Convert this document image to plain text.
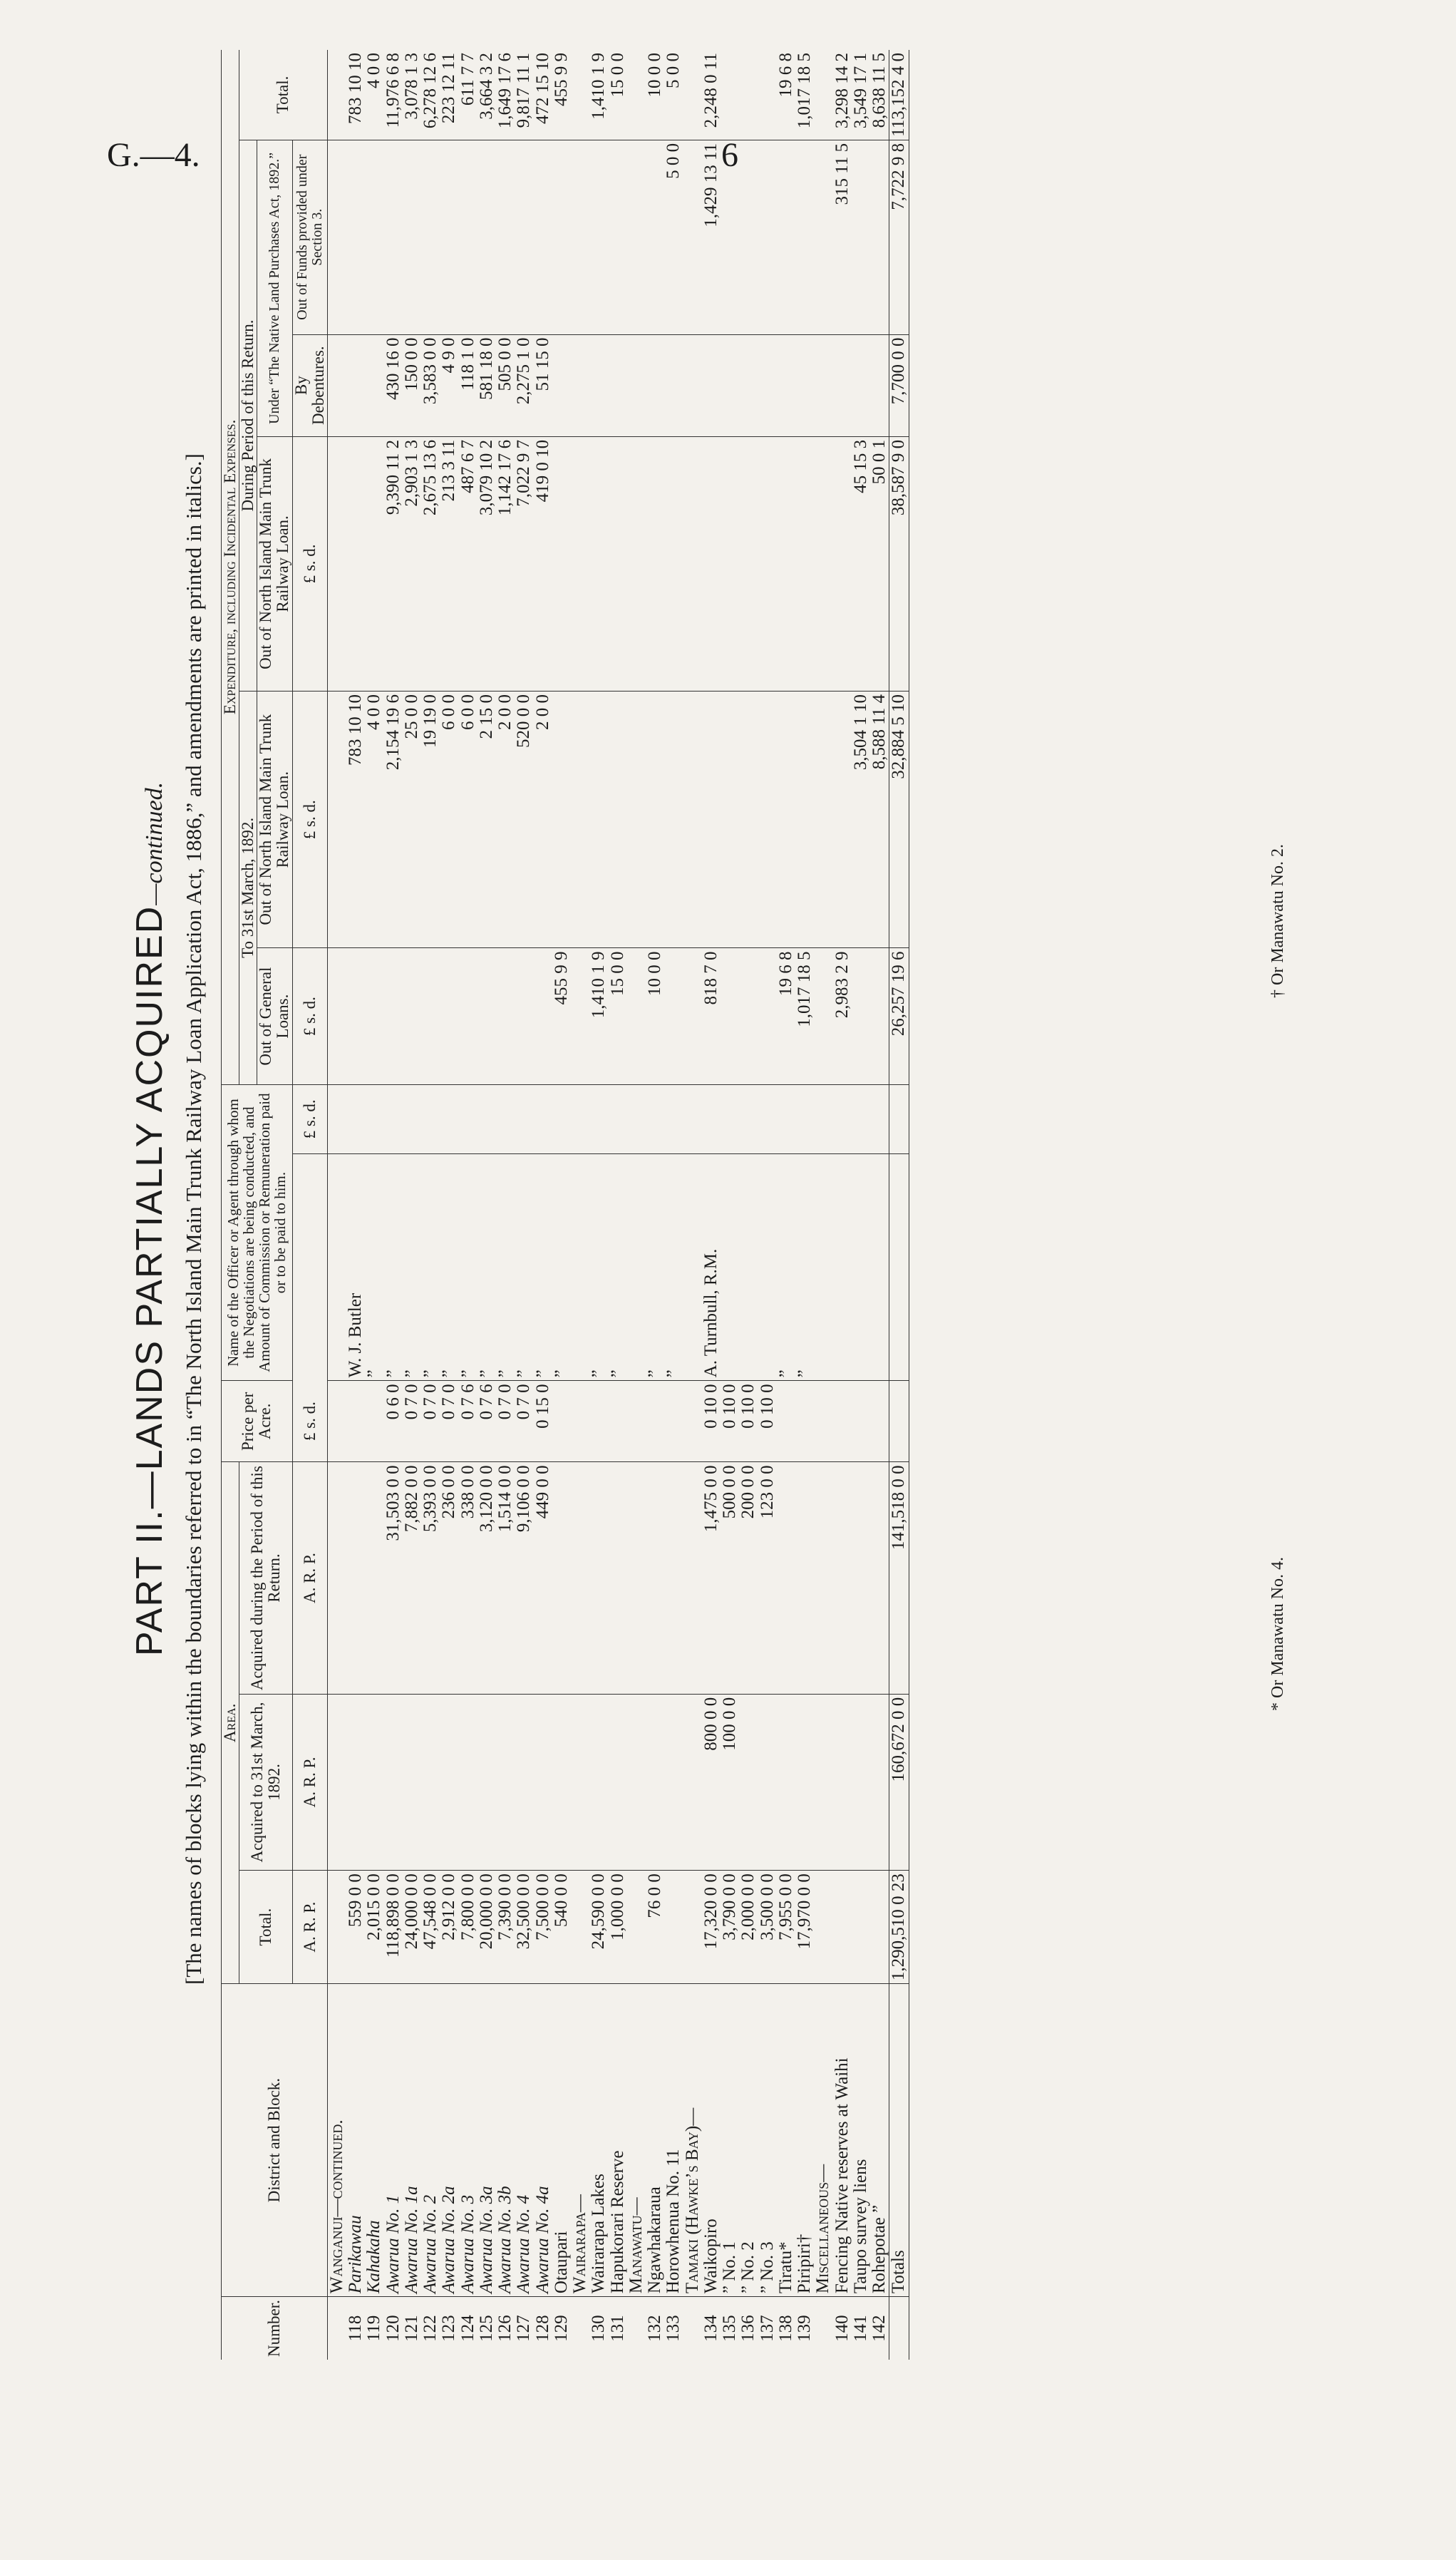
G.—4.	6
PART II.—LANDS PARTIALLY ACQUIRED—continued. [The names of blocks lying within the boundaries referred to in “The North Island Main Trunk Railway Loan Application Act, 1886,” and amendments are printed in italics.]
Number.	District and Block.	Area.			Price per Acre.	Name of the Officer or Agent through whom the Negotiations are being conducted, and Amount of Commission or Remuneration paid or to be paid to him.		Expenditure, including Incidental Expenses.					
		Total.	Acquired to 31st March, 1892.	Acquired during the Period of this Return.				To 31st March, 1892.		During Period of this Return.			Total.
								Out of General Loans.	Out of North Island Main Trunk Railway Loan.	Out of North Island Main Trunk Railway Loan.	Under “The Native Land Purchases Act, 1892.”		
		A. R. P.	A. R. P.	A. R. P.	£ s. d.		£ s. d.	£ s. d.	£ s. d.	£ s. d.	By Debentures.	Out of Funds provided under Section 3.	
	Wanganui—continued.												
118	Parikawau	559 0 0				W. J. Butler			783 10 10				783 10 10
119	Kahakaha	2,015 0 0				”			4 0 0				4 0 0
120	Awarua No. 1	118,898 0 0		31,503 0 0	0 6 0	”			2,154 19 6	9,390 11 2	430 16 0		11,976 6 8
121	Awarua No. 1a	24,000 0 0		7,882 0 0	0 7 0	”			25 0 0	2,903 1 3	150 0 0		3,078 1 3
122	Awarua No. 2	47,548 0 0		5,393 0 0	0 7 0	”			19 19 0	2,675 13 6	3,583 0 0		6,278 12 6
123	Awarua No. 2a	2,912 0 0		236 0 0	0 7 0	”			6 0 0	213 3 11	4 9 0		223 12 11
124	Awarua No. 3	7,800 0 0		338 0 0	0 7 6	”			6 0 0	487 6 7	118 1 0		611 7 7
125	Awarua No. 3a	20,000 0 0		3,120 0 0	0 7 6	”			2 15 0	3,079 10 2	581 18 0		3,664 3 2
126	Awarua No. 3b	7,390 0 0		1,514 0 0	0 7 0	”			2 0 0	1,142 17 6	505 0 0		1,649 17 6
127	Awarua No. 4	32,500 0 0		9,106 0 0	0 7 0	”			520 0 0	7,022 9 7	2,275 1 0		9,817 11 1
128	Awarua No. 4a	7,500 0 0		449 0 0	0 15 0	”			2 0 0	419 0 10	51 15 0		472 15 10
129	Otaupari	540 0 0				”		455 9 9					455 9 9
	Wairarapa—												
130	Wairarapa Lakes	24,590 0 0				”		1,410 1 9					1,410 1 9
131	Hapukorari Reserve	1,000 0 0				”		15 0 0					15 0 0
	Manawatu—												
132	Ngawhakaraua	76 0 0				”		10 0 0					10 0 0
133	Horowhenua No. 11					”						5 0 0	5 0 0
	Tamaki (Hawke’s Bay)—												
134	Waikopiro	17,320 0 0	800 0 0	1,475 0 0	0 10 0	A. Turnbull, R.M.		818 7 0				1,429 13 11	2,248 0 11
135	” No. 1	3,790 0 0	100 0 0	500 0 0	0 10 0								
136	” No. 2	2,000 0 0		200 0 0	0 10 0								
137	” No. 3	3,500 0 0		123 0 0	0 10 0								
138	Tiratu*	7,955 0 0				”		19 6 8					19 6 8
139	Piripiri†	17,970 0 0				”		1,017 18 5					1,017 18 5
	Miscellaneous—												
140	Fencing Native reserves at Waihi							2,983 2 9				315 11 5	3,298 14 2
141	Taupo survey liens								3,504 1 10	45 15 3			3,549 17 1
142	Rohepotae ”								8,588 11 4	50 0 1			8,638 11 5
	Totals	1,290,510 0 23	160,672 0 0	141,518 0 0				26,257 19 6	32,884 5 10	38,587 9 0	7,700 0 0	7,722 9 8	113,152 4 0
* Or Manawatu No. 4.
† Or Manawatu No. 2.
